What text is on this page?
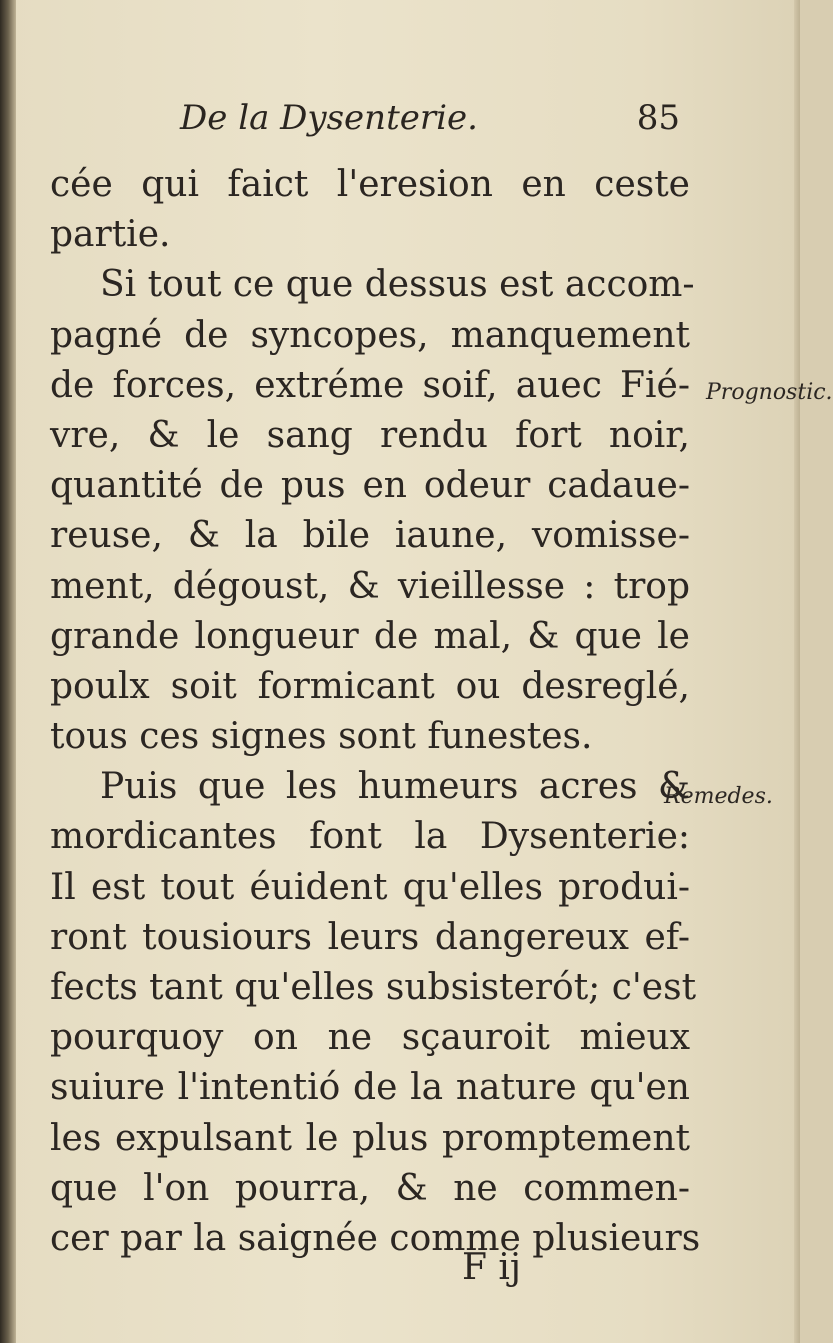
De la Dysenterie.	85
cée qui faict l'eresion en ceste
partie.
Si tout ce que dessus est accom-
pagné de syncopes, manquement
de forces, extréme soif, auec Fié-
vre, & le sang rendu fort noir,
quantité de pus en odeur cadaue-
reuse, & la bile iaune, vomisse-
ment, dégoust, & vieillesse : trop
grande longueur de mal, & que le
poulx soit formicant ou desreglé,
tous ces signes sont funestes.
Puis que les humeurs acres &
mordicantes font la Dysenterie:
Il est tout éuident qu'elles produi-
ront tousiours leurs dangereux ef-
fects tant qu'elles subsisterót; c'est
pourquoy on ne sçauroit mieux
suiure l'intentió de la nature qu'en
les expulsant le plus promptement
que l'on pourra, & ne commen-
cer par la saignée comme plusieurs
Prognostic.
Remedes.
F ij
